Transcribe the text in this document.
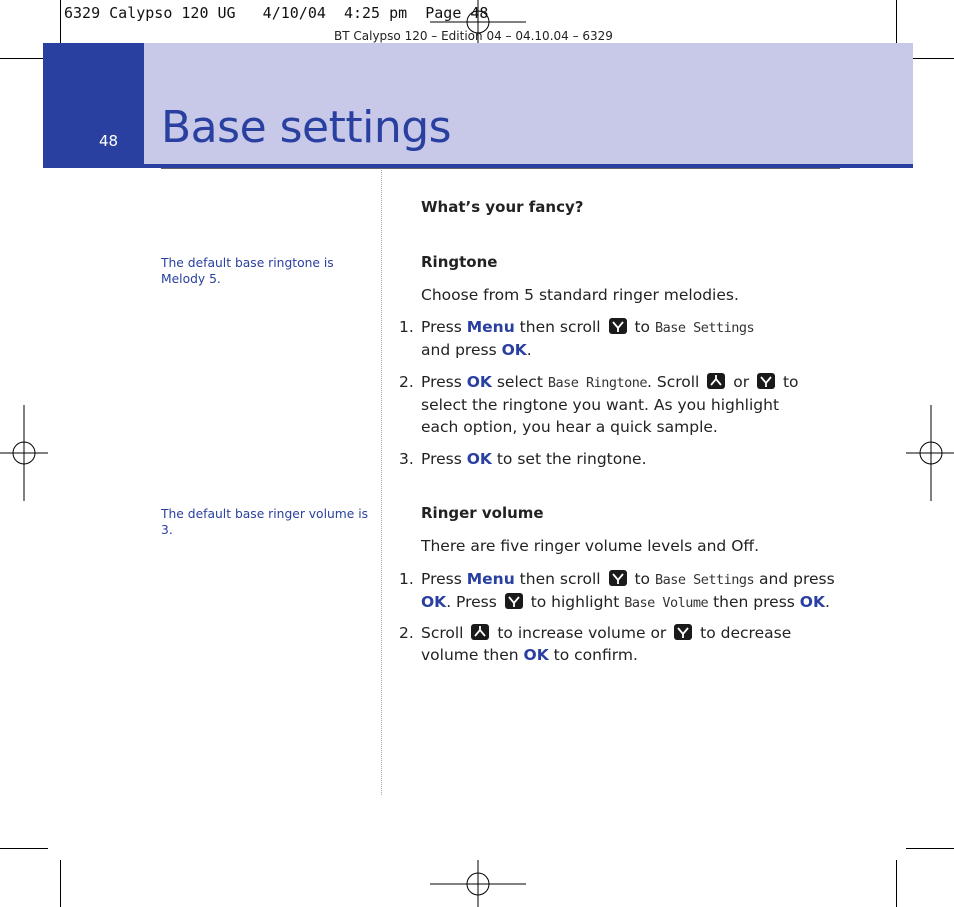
6329 Calypso 120 UG   4/10/04  4:25 pm  Page 48
BT Calypso 120 – Edition 04 – 04.10.04 – 6329
48 Base settings
The default base ringtone is Melody 5.
The default base ringer volume is 3.
What’s your fancy?
Ringtone
Choose from 5 standard ringer melodies.
1. Press Menu then scroll  to Base Settings and press OK.
2. Press OK select Base Ringtone. Scroll  or  to select the ringtone you want. As you highlight each option, you hear a quick sample.
3. Press OK to set the ringtone.
Ringer volume
There are five ringer volume levels and Off.
1. Press Menu then scroll  to Base Settings and press OK. Press  to highlight Base Volume then press OK.
2. Scroll  to increase volume or  to decrease volume then OK to confirm.
